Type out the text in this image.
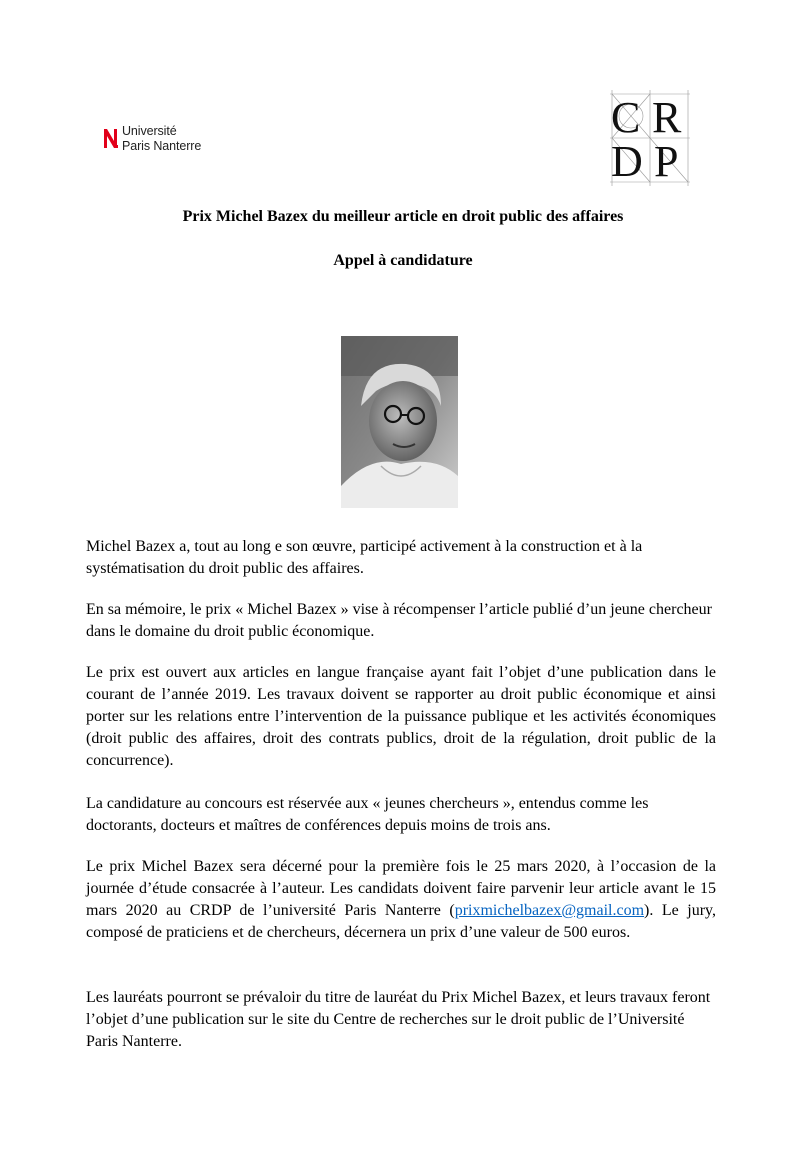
Université
Paris Nanterre
C R
D P
Prix Michel Bazex du meilleur article en droit public des affaires
Appel à candidature
Michel Bazex a, tout au long e son œuvre, participé activement à la construction et à la systématisation du droit public des affaires.
En sa mémoire, le prix « Michel Bazex » vise à récompenser l’article publié d’un jeune chercheur dans le domaine du droit public économique.
Le prix est ouvert aux articles en langue française ayant fait l’objet d’une publication dans le courant de l’année 2019. Les travaux doivent se rapporter au droit public économique et ainsi porter sur les relations entre l’intervention de la puissance publique et les activités économiques (droit public des affaires, droit des contrats publics, droit de la régulation, droit public de la concurrence).
La candidature au concours est réservée aux « jeunes chercheurs », entendus comme les doctorants, docteurs et maîtres de conférences depuis moins de trois ans.
Le prix Michel Bazex sera décerné pour la première fois le 25 mars 2020, à l’occasion de la journée d’étude consacrée à l’auteur. Les candidats doivent faire parvenir leur article avant le 15 mars 2020 au CRDP de l’université Paris Nanterre (prixmichelbazex@gmail.com). Le jury, composé de praticiens et de chercheurs, décernera un prix d’une valeur de 500 euros.
Les lauréats pourront se prévaloir du titre de lauréat du Prix Michel Bazex, et leurs travaux feront l’objet d’une publication sur le site du Centre de recherches sur le droit public de l’Université Paris Nanterre.
